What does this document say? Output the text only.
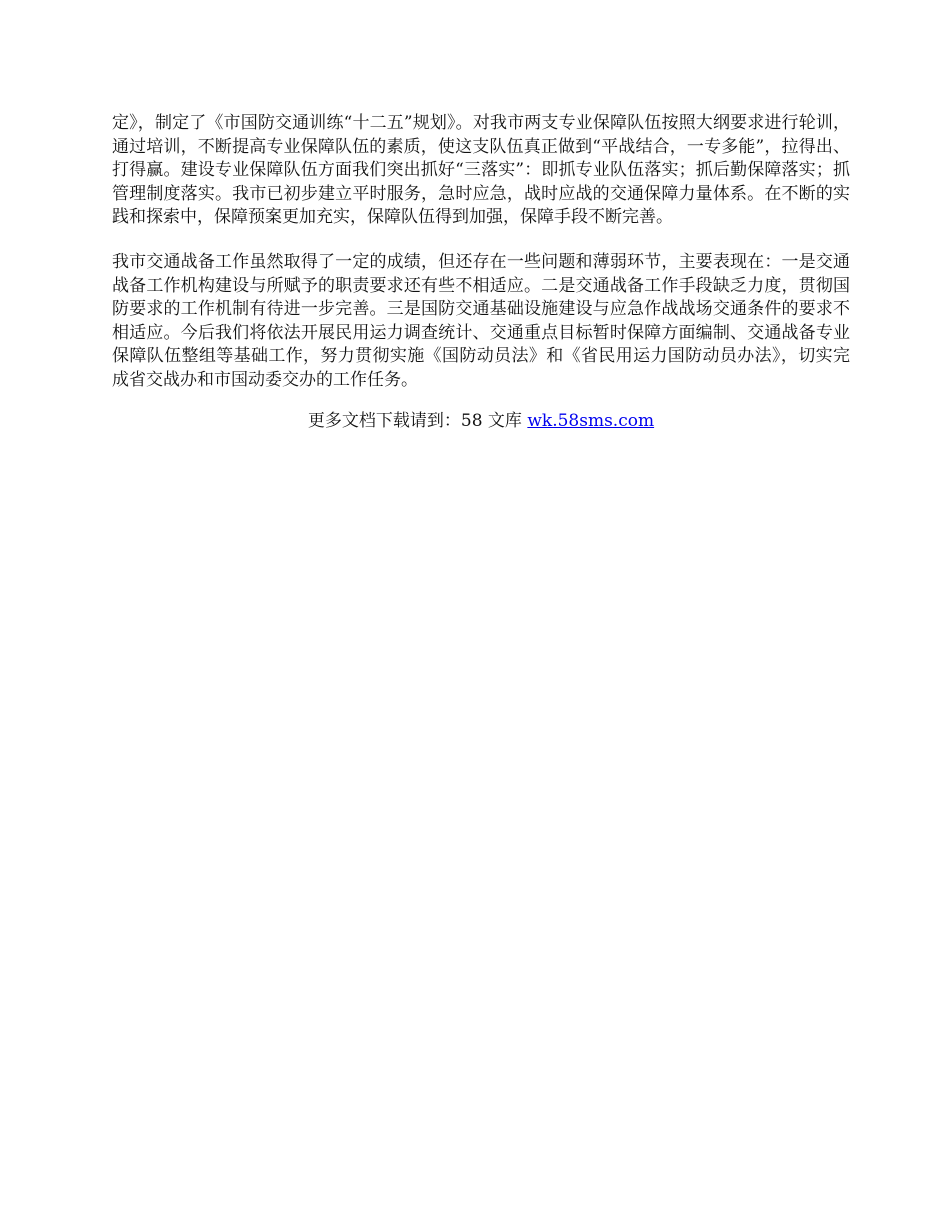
定》，制定了《市国防交通训练“十二五”规划》。对我市两支专业保障队伍按照大纲要求进行轮训，通过培训，不断提高专业保障队伍的素质，使这支队伍真正做到“平战结合，一专多能”，拉得出、打得赢。建设专业保障队伍方面我们突出抓好“三落实”：即抓专业队伍落实；抓后勤保障落实；抓管理制度落实。我市已初步建立平时服务，急时应急，战时应战的交通保障力量体系。在不断的实践和探索中，保障预案更加充实，保障队伍得到加强，保障手段不断完善。

我市交通战备工作虽然取得了一定的成绩，但还存在一些问题和薄弱环节，主要表现在：一是交通战备工作机构建设与所赋予的职责要求还有些不相适应。二是交通战备工作手段缺乏力度，贯彻国防要求的工作机制有待进一步完善。三是国防交通基础设施建设与应急作战战场交通条件的要求不相适应。今后我们将依法开展民用运力调查统计、交通重点目标暂时保障方面编制、交通战备专业保障队伍整组等基础工作，努力贯彻实施《国防动员法》和《省民用运力国防动员办法》，切实完成省交战办和市国动委交办的工作任务。

更多文档下载请到：58 文库 wk.58sms.com
